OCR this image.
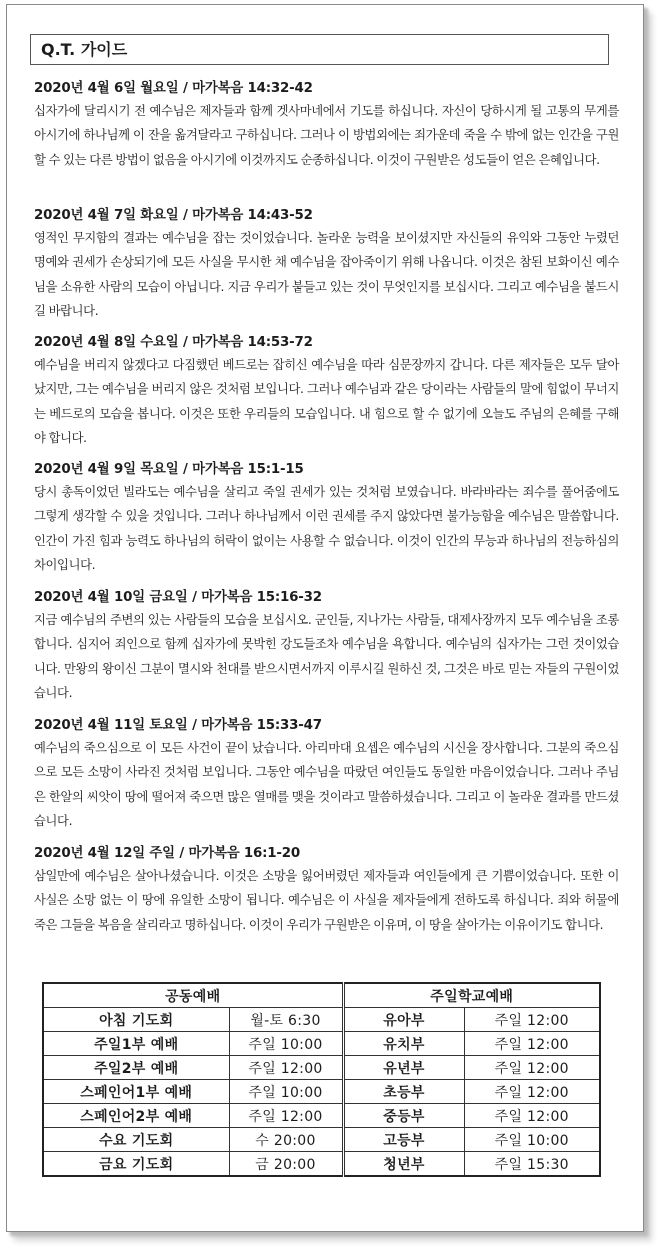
Q.T. 가이드
2020년 4월 6일 월요일 / 마가복음 14:32-42
십자가에 달리시기 전 예수님은 제자들과 함께 겟사마네에서 기도를 하십니다. 자신이 당하시게 될 고통의 무게를 아시기에 하나님께 이 잔을 옮겨달라고 구하십니다. 그러나 이 방법외에는 죄가운데 죽을 수 밖에 없는 인간을 구원할 수 있는 다른 방법이 없음을 아시기에 이것까지도 순종하십니다. 이것이 구원받은 성도들이 얻은 은혜입니다.
2020년 4월 7일 화요일 / 마가복음 14:43-52
영적인 무지함의 결과는 예수님을 잡는 것이었습니다. 놀라운 능력을 보이셨지만 자신들의 유익와 그동안 누렸던 명예와 권세가 손상되기에 모든 사실을 무시한 채 예수님을 잡아죽이기 위해 나옵니다. 이것은 참된 보화이신 예수님을 소유한 사람의 모습이 아닙니다. 지금 우리가 붙들고 있는 것이 무엇인지를 보십시다. 그리고 예수님을 붙드시길 바랍니다.
2020년 4월 8일 수요일 / 마가복음 14:53-72
예수님을 버리지 않겠다고 다짐했던 베드로는 잡히신 예수님을 따라 심문장까지 갑니다. 다른 제자들은 모두 달아났지만, 그는 예수님을 버리지 않은 것처럼 보입니다. 그러나 예수님과 같은 당이라는 사람들의 말에 힘없이 무너지는 베드로의 모습을 봅니다. 이것은 또한 우리들의 모습입니다. 내 힘으로 할 수 없기에 오늘도 주님의 은혜를 구해야 합니다.
2020년 4월 9일 목요일 / 마가복음 15:1-15
당시 총독이었던 빌라도는 예수님을 살리고 죽일 권세가 있는 것처럼 보였습니다. 바라바라는 죄수를 풀어줌에도 그렇게 생각할 수 있을 것입니다. 그러나 하나님께서 이런 권세를 주지 않았다면 불가능함을 예수님은 말씀합니다. 인간이 가진 힘과 능력도 하나님의 허락이 없이는 사용할 수 없습니다. 이것이 인간의 무능과 하나님의 전능하심의 차이입니다.
2020년 4월 10일 금요일 / 마가복음 15:16-32
지금 예수님의 주변의 있는 사람들의 모습을 보십시오. 군인들, 지나가는 사람들, 대제사장까지 모두 예수님을 조롱합니다. 심지어 죄인으로 함께 십자가에 못박힌 강도들조차 예수님을 욕합니다. 예수님의 십자가는 그런 것이었습니다. 만왕의 왕이신 그분이 멸시와 천대를 받으시면서까지 이루시길 원하신 것, 그것은 바로 믿는 자들의 구원이었습니다.
2020년 4월 11일 토요일 / 마가복음 15:33-47
예수님의 죽으심으로 이 모든 사건이 끝이 났습니다. 아리마대 요셉은 예수님의 시신을 장사합니다. 그분의 죽으심으로 모든 소망이 사라진 것처럼 보입니다. 그동안 예수님을 따랐던 여인들도 동일한 마음이었습니다. 그러나 주님은 한알의 씨앗이 땅에 떨어져 죽으면 많은 열매를 맺을 것이라고 말씀하셨습니다. 그리고 이 놀라운 결과를 만드셨습니다.
2020년 4월 12일 주일 / 마가복음 16:1-20
삼일만에 예수님은 살아나셨습니다. 이것은 소망을 잃어버렸던 제자들과 여인들에게 큰 기쁨이었습니다. 또한 이 사실은 소망 없는 이 땅에 유일한 소망이 됩니다. 예수님은 이 사실을 제자들에게 전하도록 하십니다. 죄와 허물에 죽은 그들을 복음을 살리라고 명하십니다. 이것이 우리가 구원받은 이유며, 이 땅을 살아가는 이유이기도 합니다.
공동예배		주일학교예배	
아침 기도회	월-토 6:30	유아부	주일 12:00
주일1부 예배	주일 10:00	유치부	주일 12:00
주일2부 예배	주일 12:00	유년부	주일 12:00
스페인어1부 예배	주일 10:00	초등부	주일 12:00
스페인어2부 예배	주일 12:00	중등부	주일 12:00
수요 기도회	수 20:00	고등부	주일 10:00
금요 기도회	금 20:00	청년부	주일 15:30
